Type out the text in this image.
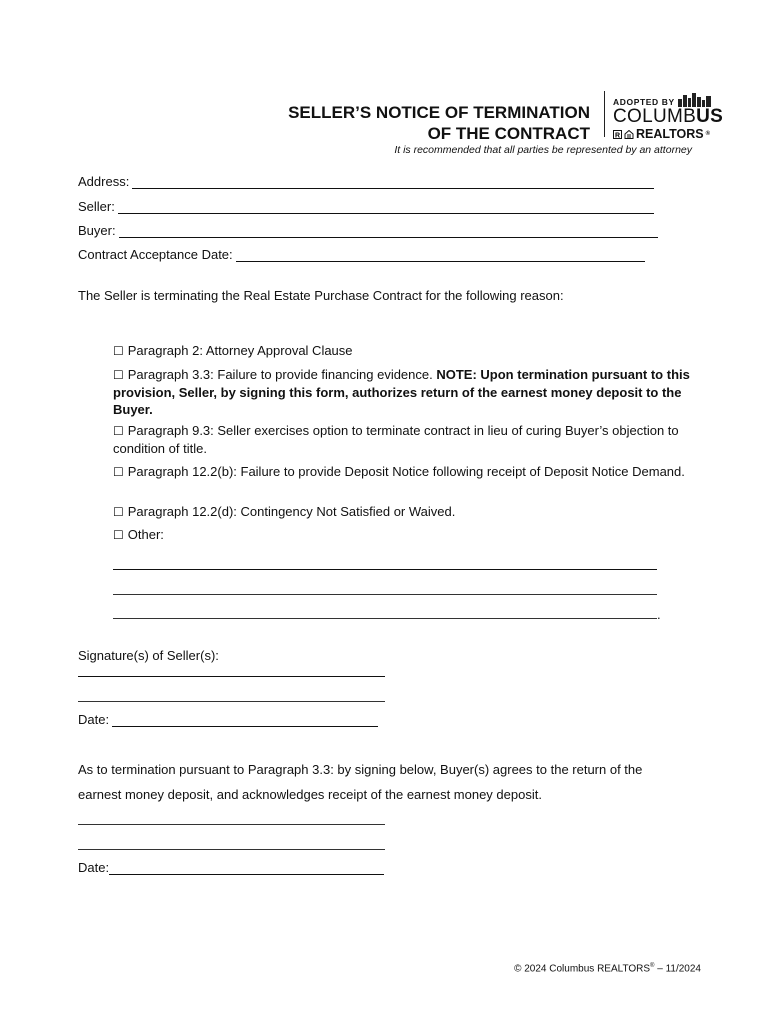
SELLER’S NOTICE OF TERMINATION
OF THE CONTRACT
ADOPTED BY
COLUMBUS
R REALTORS ®
It is recommended that all parties be represented by an attorney
Address:
Seller:
Buyer:
Contract Acceptance Date:
The Seller is terminating the Real Estate Purchase Contract for the following reason:
☐ Paragraph 2: Attorney Approval Clause
☐ Paragraph 3.3: Failure to provide financing evidence. NOTE: Upon termination pursuant to this provision, Seller, by signing this form, authorizes return of the earnest money deposit to the Buyer.
☐ Paragraph 9.3: Seller exercises option to terminate contract in lieu of curing Buyer’s objection to condition of title.
☐ Paragraph 12.2(b): Failure to provide Deposit Notice following receipt of Deposit Notice Demand.
☐ Paragraph 12.2(d): Contingency Not Satisfied or Waived.
☐ Other:
.
Signature(s) of Seller(s):
Date:
As to termination pursuant to Paragraph 3.3: by signing below, Buyer(s) agrees to the return of the
earnest money deposit, and acknowledges receipt of the earnest money deposit.
Date:
© 2024 Columbus REALTORS® – 11/2024
